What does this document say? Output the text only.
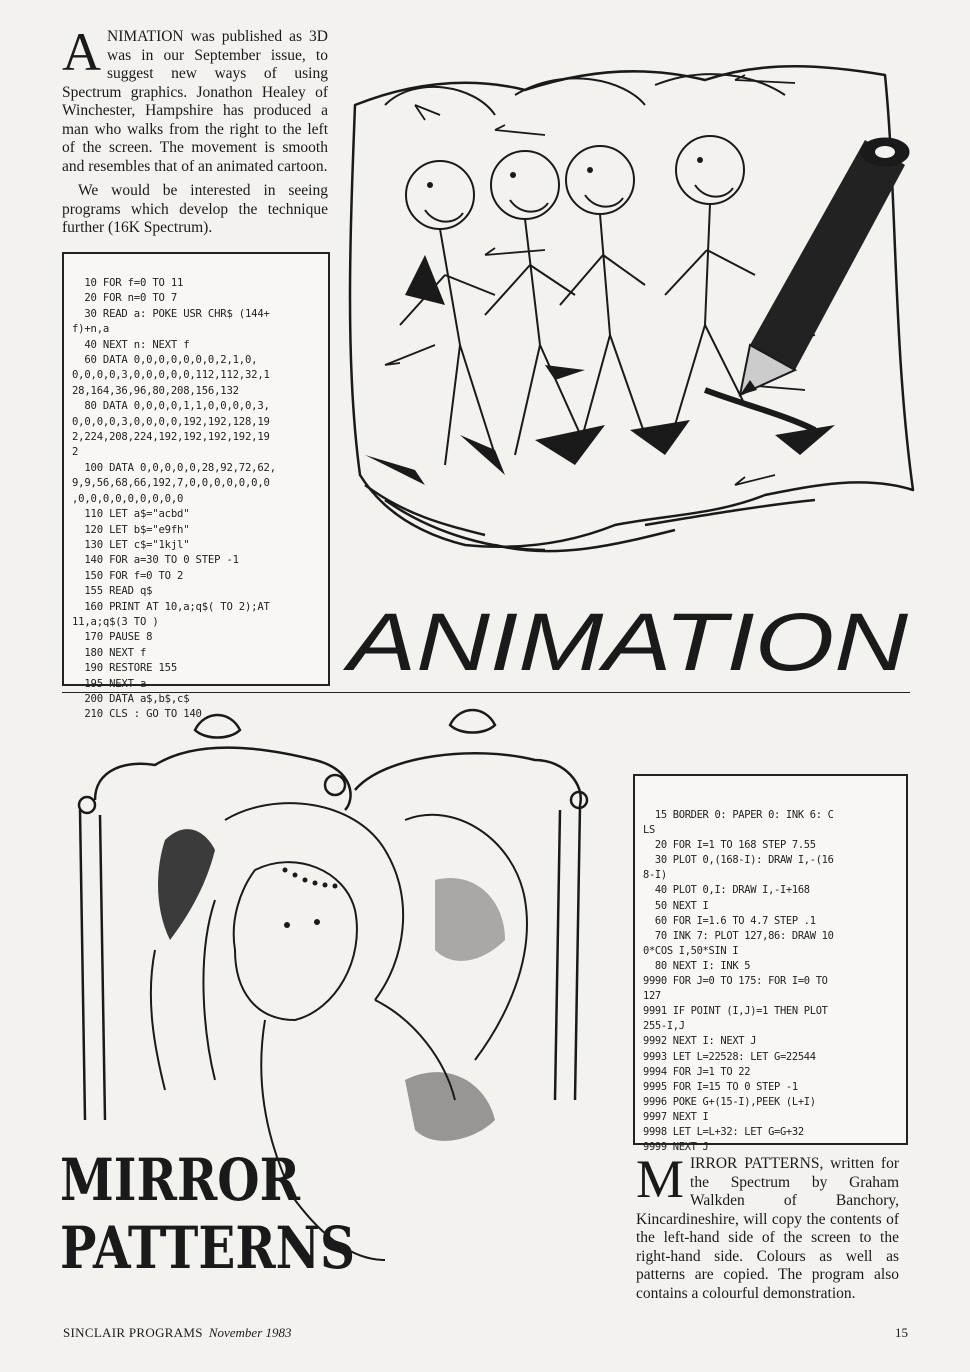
ANIMATION was published as 3D was in our September issue, to suggest new ways of using Spectrum graphics. Jonathon Healey of Winchester, Hampshire has produced a man who walks from the right to the left of the screen. The movement is smooth and resembles that of an animated cartoon.

We would be interested in seeing programs which develop the technique further (16K Spectrum).

10 FOR f=0 TO 11
20 FOR n=0 TO 7
30 READ a: POKE USR CHR$ (144+
f)+n,a
40 NEXT n: NEXT f
60 DATA 0,0,0,0,0,0,0,2,1,0,
0,0,0,0,3,0,0,0,0,0,112,112,32,1
28,164,36,96,80,208,156,132
80 DATA 0,0,0,0,1,1,0,0,0,0,3,
0,0,0,0,3,0,0,0,0,192,192,128,19
2,224,208,224,192,192,192,192,19
2
100 DATA 0,0,0,0,0,28,92,72,62,
9,9,56,68,66,192,7,0,0,0,0,0,0,0
,0,0,0,0,0,0,0,0,0
110 LET a$="acbd"
120 LET b$="e9fh"
130 LET c$="1kjl"
140 FOR a=30 TO 0 STEP -1
150 FOR f=0 TO 2
155 READ q$
160 PRINT AT 10,a;q$( TO 2);AT
11,a;q$(3 TO )
170 PAUSE 8
180 NEXT f
190 RESTORE 155
195 NEXT a
200 DATA a$,b$,c$
210 CLS : GO TO 140
ANIMATION
MIRROR
PATTERNS
15 BORDER 0: PAPER 0: INK 6: C
LS
20 FOR I=1 TO 168 STEP 7.55
30 PLOT 0,(168-I): DRAW I,-(16
8-I)
40 PLOT 0,I: DRAW I,-I+168
50 NEXT I
60 FOR I=1.6 TO 4.7 STEP .1
70 INK 7: PLOT 127,86: DRAW 10
0*COS I,50*SIN I
80 NEXT I: INK 5
9990 FOR J=0 TO 175: FOR I=0 TO
127
9991 IF POINT (I,J)=1 THEN PLOT
255-I,J
9992 NEXT I: NEXT J
9993 LET L=22528: LET G=22544
9994 FOR J=1 TO 22
9995 FOR I=15 TO 0 STEP -1
9996 POKE G+(15-I),PEEK (L+I)
9997 NEXT I
9998 LET L=L+32: LET G=G+32
9999 NEXT J
MIRROR PATTERNS, written for the Spectrum by Graham Walkden of Banchory, Kincardineshire, will copy the contents of the left-hand side of the screen to the right-hand side. Colours as well as patterns are copied. The program also contains a colourful demonstration.
SINCLAIR PROGRAMS November 1983	15
